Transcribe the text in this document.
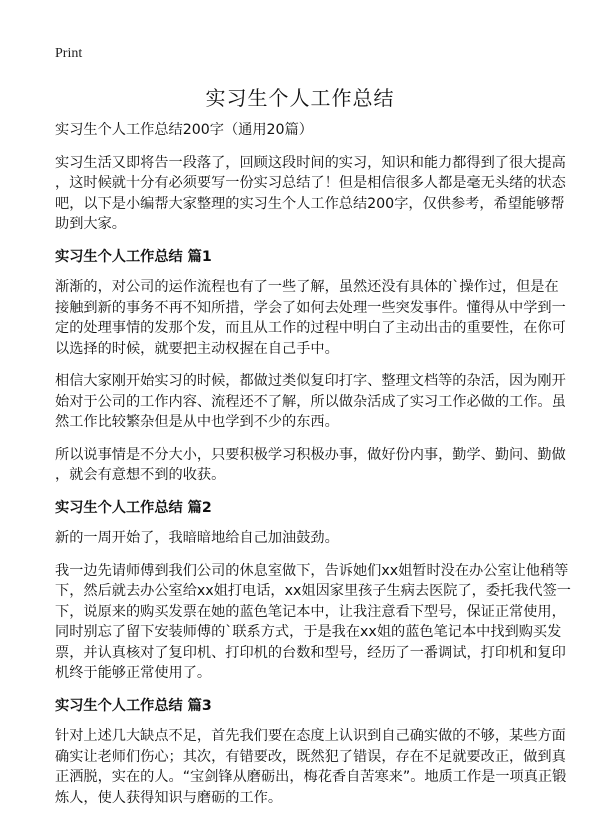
Print
实习生个人工作总结
实习生个人工作总结200字（通用20篇）
实习生活又即将告一段落了，回顾这段时间的实习，知识和能力都得到了很大提高
，这时候就十分有必须要写一份实习总结了！但是相信很多人都是毫无头绪的状态
吧，以下是小编帮大家整理的实习生个人工作总结200字，仅供参考，希望能够帮
助到大家。
实习生个人工作总结 篇1
渐渐的，对公司的运作流程也有了一些了解，虽然还没有具体的`操作过，但是在
接触到新的事务不再不知所措，学会了如何去处理一些突发事件。懂得从中学到一
定的处理事情的发那个发，而且从工作的过程中明白了主动出击的重要性，在你可
以选择的时候，就要把主动权握在自己手中。
相信大家刚开始实习的时候，都做过类似复印打字、整理文档等的杂活，因为刚开
始对于公司的工作内容、流程还不了解，所以做杂活成了实习工作必做的工作。虽
然工作比较繁杂但是从中也学到不少的东西。
所以说事情是不分大小，只要积极学习积极办事，做好份内事，勤学、勤问、勤做
，就会有意想不到的收获。
实习生个人工作总结 篇2
新的一周开始了，我暗暗地给自己加油鼓劲。
我一边先请师傅到我们公司的休息室做下，告诉她们xx姐暂时没在办公室让他稍等
下，然后就去办公室给xx姐打电话，xx姐因家里孩子生病去医院了，委托我代签一
下，说原来的购买发票在她的蓝色笔记本中，让我注意看下型号，保证正常使用，
同时别忘了留下安装师傅的`联系方式，于是我在xx姐的蓝色笔记本中找到购买发
票，并认真核对了复印机、打印机的台数和型号，经历了一番调试，打印机和复印
机终于能够正常使用了。
实习生个人工作总结 篇3
针对上述几大缺点不足，首先我们要在态度上认识到自己确实做的不够，某些方面
确实让老师们伤心；其次，有错要改，既然犯了错误，存在不足就要改正，做到真
正洒脱，实在的人。“宝剑锋从磨砺出，梅花香自苦寒来”。地质工作是一项真正锻
炼人，使人获得知识与磨砺的工作。
